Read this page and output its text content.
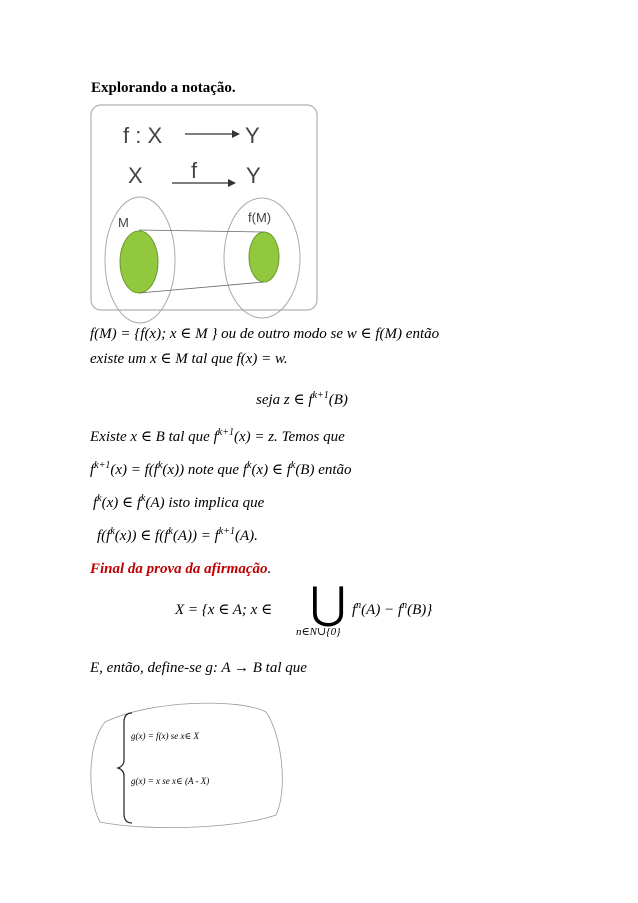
Explorando a notação.
f : X	Y
X f Y
M	f(M)
f(M) = {f(x); x ∈ M } ou de outro modo se w ∈ f(M) então
existe um x ∈ M tal que f(x) = w.
seja z ∈ $f^{k+1}(B)$
Existe x ∈ B tal que $f^{k+1}(x) = z$. Temos que
$f^{k+1}(x) = f(f^k(x))$ note que $f^k(x)$ ∈ $f^k(B)$ então
$f^k(x)$ ∈ $f^k(A)$ isto implica que
$f(f^k(x))$ ∈ $f(f^k(A)) = f^{k+1}(A)$.
Final da prova da afirmação.
X = {x ∈ A; x ∈ ⋃
n∈N∪{0}
$f^n(A) - f^n(B)$}
E, então, define-se g: A → B tal que
g(x) = f(x) se x∈ X
g(x) = x se x∈ (A - X)
